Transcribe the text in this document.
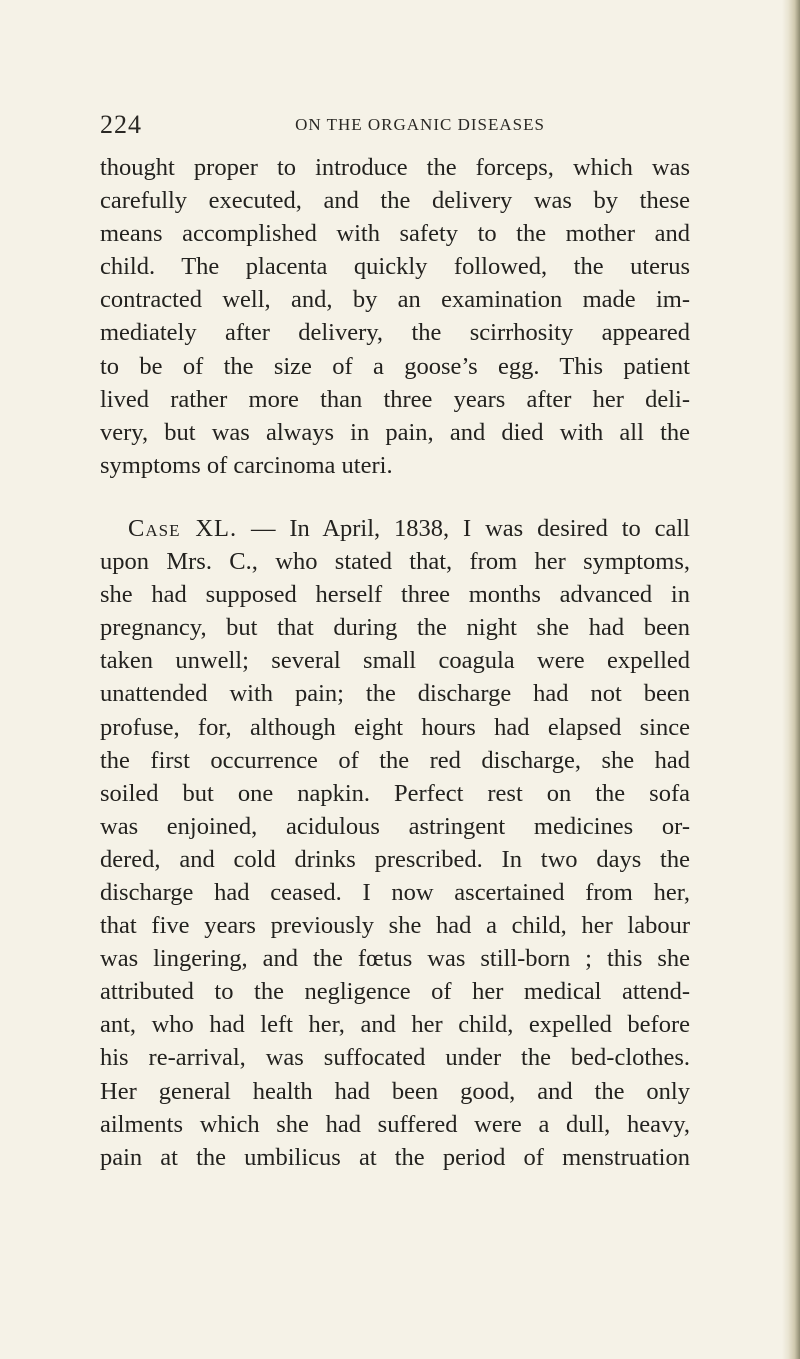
224	ON THE ORGANIC DISEASES
thought proper to introduce the forceps, which was
carefully executed, and the delivery was by these
means accomplished with safety to the mother and
child. The placenta quickly followed, the uterus
contracted well, and, by an examination made im-
mediately after delivery, the scirrhosity appeared
to be of the size of a goose’s egg. This patient
lived rather more than three years after her deli-
very, but was always in pain, and died with all the
symptoms of carcinoma uteri.
Case XL. — In April, 1838, I was desired to call
upon Mrs. C., who stated that, from her symptoms,
she had supposed herself three months advanced in
pregnancy, but that during the night she had been
taken unwell; several small coagula were expelled
unattended with pain; the discharge had not been
profuse, for, although eight hours had elapsed since
the first occurrence of the red discharge, she had
soiled but one napkin. Perfect rest on the sofa
was enjoined, acidulous astringent medicines or-
dered, and cold drinks prescribed. In two days the
discharge had ceased. I now ascertained from her,
that five years previously she had a child, her labour
was lingering, and the fœtus was still-born ; this she
attributed to the negligence of her medical attend-
ant, who had left her, and her child, expelled before
his re-arrival, was suffocated under the bed-clothes.
Her general health had been good, and the only
ailments which she had suffered were a dull, heavy,
pain at the umbilicus at the period of menstruation
